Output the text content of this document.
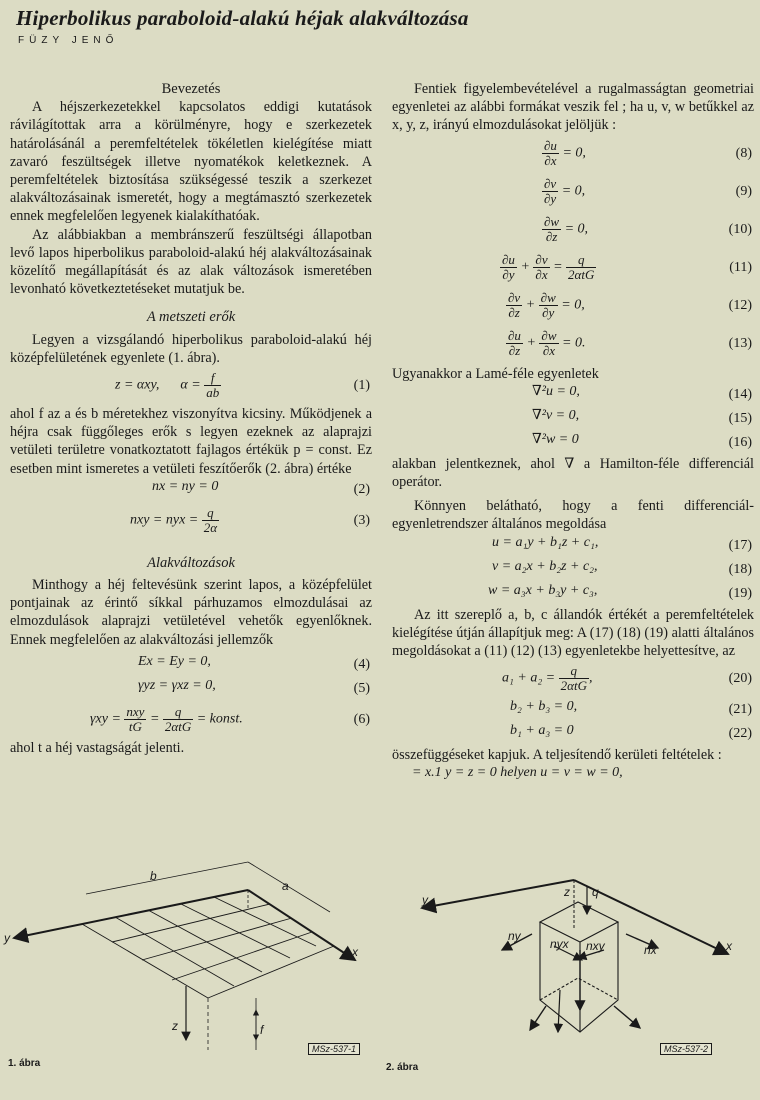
Hiperbolikus paraboloid-alakú héjak alakváltozása
FÜZY JENŐ
Bevezetés

A héjszerkezetekkel kapcsolatos eddigi kutatások rávilágítottak arra a körülményre, hogy e szerkezetek határolásánál a peremfeltételek tökéletlen kielégítése miatt zavaró feszültségek illetve nyomatékok keletkeznek. A peremfeltételek biztosítása szükségessé teszik a szerkezet alakváltozásainak ismeretét, hogy a megtámasztó szerkezetek ennek megfelelően legyenek kialakíthatóak.

Az alábbiakban a membránszerű feszültségi állapotban levő lapos hiperbolikus paraboloid-alakú héj alakváltozásainak közelítő megállapítását és az alak változások ismeretében levonható következtetéseket mutatjuk be.

A metszeti erők

Legyen a vizsgálandó hiperbolikus paraboloid-alakú héj középfelületének egyenlete (1. ábra).

z = αxy, $\alpha = \frac{f}{ab}$	(1)

ahol f az a és b méretekhez viszonyítva kicsiny. Működjenek a héjra csak függőleges erők s legyen ezeknek az alaprajzi vetületi területre vonatkoztatott fajlagos értékük p = const. Ez esetben mint ismeretes a vetületi feszítőerők (2. ábra) értéke

nx = ny = 0	(2)
nxy = nyx = $\frac{q}{2\alpha}$	(3)
Alakváltozások

Minthogy a héj feltevésünk szerint lapos, a középfelület pontjainak az érintő síkkal párhuzamos elmozdulásai az elmozdulások alaprajzi vetületével vehetők egyenlőknek. Ennek megfelelően az alakváltozási jellemzők

Ex = Ey = 0,	(4)
γyz = γxz = 0,	(5)
$\gamma xy = \frac{\text{nxy}}{tG} = \frac{q}{\text{2αtG}}$ = konst.	(6)

ahol t a héj vastagságát jelenti.

Fentiek figyelembevételével a rugalmasságtan geometriai egyenletei az alábbi formákat veszik fel ; ha u, v, w betűkkel az x, y, z, irányú elmozdulásokat jelöljük :

$\frac{\partial u}{\partial x} = 0$,	(8)
$\frac{\partial v}{\partial y} = 0$,	(9)
$\frac{\partial w}{\partial z} = 0$,	(10)
$\frac{\partial u}{\partial y} + \frac{\partial v}{\partial x} = \frac{q}{\text{2αtG}}$	(11)
$\frac{\partial v}{\partial z} + \frac{\partial w}{\partial y} = 0$,	(12)
$\frac{\partial u}{\partial z} + \frac{\partial w}{\partial x} = 0$.	(13)

Ugyanakkor a Lamé-féle egyenletek

∇²u = 0,	(14)
∇²v = 0,	(15)
∇²w = 0	(16)

alakban jelentkeznek, ahol ∇ a Hamilton-féle differenciál operátor.

Könnyen belátható, hogy a fenti differenciál-egyenletrendszer általános megoldása

u = a₁y + b₁z + c₁,	(17)
v = a₂x + b₂z + c₂,	(18)
w = a₃x + b₃y + c₃,	(19)

Az itt szereplő a, b, c állandók értékét a peremfeltételek kielégítése útján állapítjuk meg: A (17) (18) (19) alatti általános megoldásokat a (11) (12) (13) egyenletekbe helyettesítve, az

$a_1 + a_2 = \frac{q}{\text{2αtG}}$ ,	(20)
b₂ + b₃ = 0,	(21)
b₁ + a₃ = 0	(22)

összefüggéseket kapjuk. A teljesítendő kerületi feltételek :

= x.1 y = z = 0 helyen u = v = w = 0,
b
a
y
x
z	f
1. ábra
MSz-537-1
y
x
z q
ny
nyx nxy	nx
2. ábra
MSz-537-2
